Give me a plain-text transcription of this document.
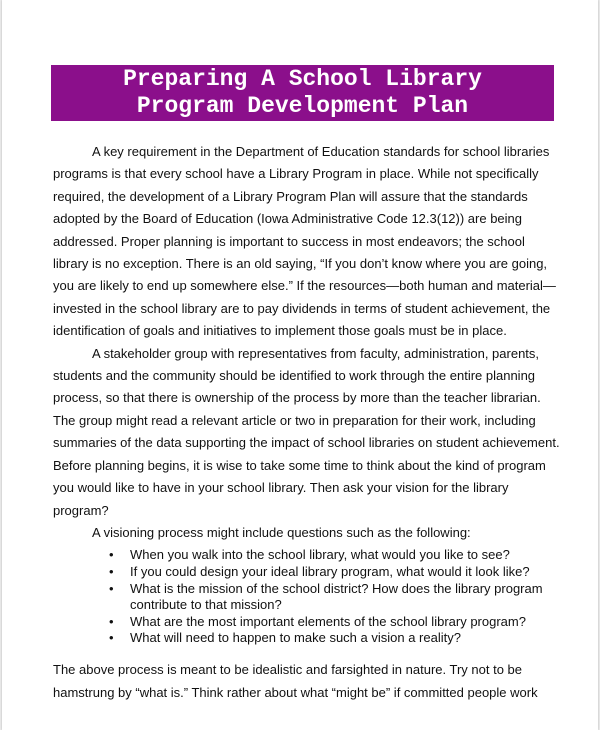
Preparing A School Library
Program Development Plan

A key requirement in the Department of Education standards for school libraries programs is that every school have a Library Program in place. While not specifically required, the development of a Library Program Plan will assure that the standards adopted by the Board of Education (Iowa Administrative Code 12.3(12)) are being addressed. Proper planning is important to success in most endeavors; the school library is no exception. There is an old saying, “If you don’t know where you are going, you are likely to end up somewhere else.” If the resources—both human and material—invested in the school library are to pay dividends in terms of student achievement, the identification of goals and initiatives to implement those goals must be in place.

A stakeholder group with representatives from faculty, administration, parents, students and the community should be identified to work through the entire planning process, so that there is ownership of the process by more than the teacher librarian. The group might read a relevant article or two in preparation for their work, including summaries of the data supporting the impact of school libraries on student achievement. Before planning begins, it is wise to take some time to think about the kind of program you would like to have in your school library. Then ask your vision for the library program?

A visioning process might include questions such as the following:

• When you walk into the school library, what would you like to see?
• If you could design your ideal library program, what would it look like?
• What is the mission of the school district? How does the library program contribute to that mission?
• What are the most important elements of the school library program?
• What will need to happen to make such a vision a reality?

The above process is meant to be idealistic and farsighted in nature. Try not to be hamstrung by “what is.” Think rather about what “might be” if committed people work
